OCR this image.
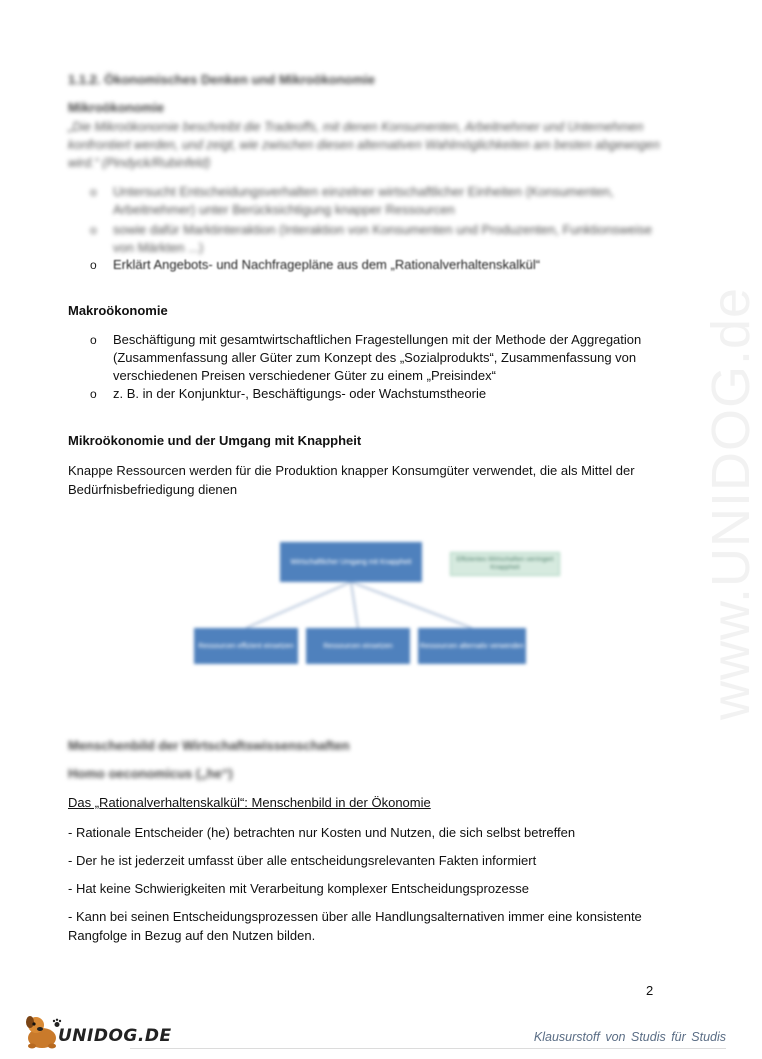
www.UNIDOG.de
1.1.2. Ökonomisches Denken und Mikroökonomie
Mikroökonomie
„Die Mikroökonomie beschreibt die Tradeoffs, mit denen Konsumenten, Arbeitnehmer und Unternehmen konfrontiert werden, und zeigt, wie zwischen diesen alternativen Wahlmöglichkeiten am besten abgewogen wird.“ (Pindyck/Rubinfeld)
o Untersucht Entscheidungsverhalten einzelner wirtschaftlicher Einheiten (Konsumenten, Arbeitnehmer) unter Berücksichtigung knapper Ressourcen
o sowie dafür Marktinteraktion (Interaktion von Konsumenten und Produzenten, Funktionsweise von Märkten ...)
o Erklärt Angebots- und Nachfragepläne aus dem „Rationalverhaltenskalkül“
Makroökonomie
o Beschäftigung mit gesamtwirtschaftlichen Fragestellungen mit der Methode der Aggregation (Zusammenfassung aller Güter zum Konzept des „Sozialprodukts“, Zusammenfassung von verschiedenen Preisen verschiedener Güter zu einem „Preisindex“
o z. B. in der Konjunktur-, Beschäftigungs- oder Wachstumstheorie
Mikroökonomie und der Umgang mit Knappheit
Knappe Ressourcen werden für die Produktion knapper Konsumgüter verwendet, die als Mittel der Bedürfnisbefriedigung dienen
Wirtschaftlicher Umgang mit Knappheit	Effizientes Wirtschaften verringert Knappheit
Ressourcen effizient einsetzen	Ressourcen einsetzen	Ressourcen alternativ verwenden
Menschenbild der Wirtschaftswissenschaften
Homo oeconomicus („he“)
Das „Rationalverhaltenskalkül“: Menschenbild in der Ökonomie
- Rationale Entscheider (he) betrachten nur Kosten und Nutzen, die sich selbst betreffen
- Der he ist jederzeit umfasst über alle entscheidungsrelevanten Fakten informiert
- Hat keine Schwierigkeiten mit Verarbeitung komplexer Entscheidungsprozesse
- Kann bei seinen Entscheidungsprozessen über alle Handlungsalternativen immer eine konsistente Rangfolge in Bezug auf den Nutzen bilden.
2
UNIDOG.DE	Klausurstoff von Studis für Studis
